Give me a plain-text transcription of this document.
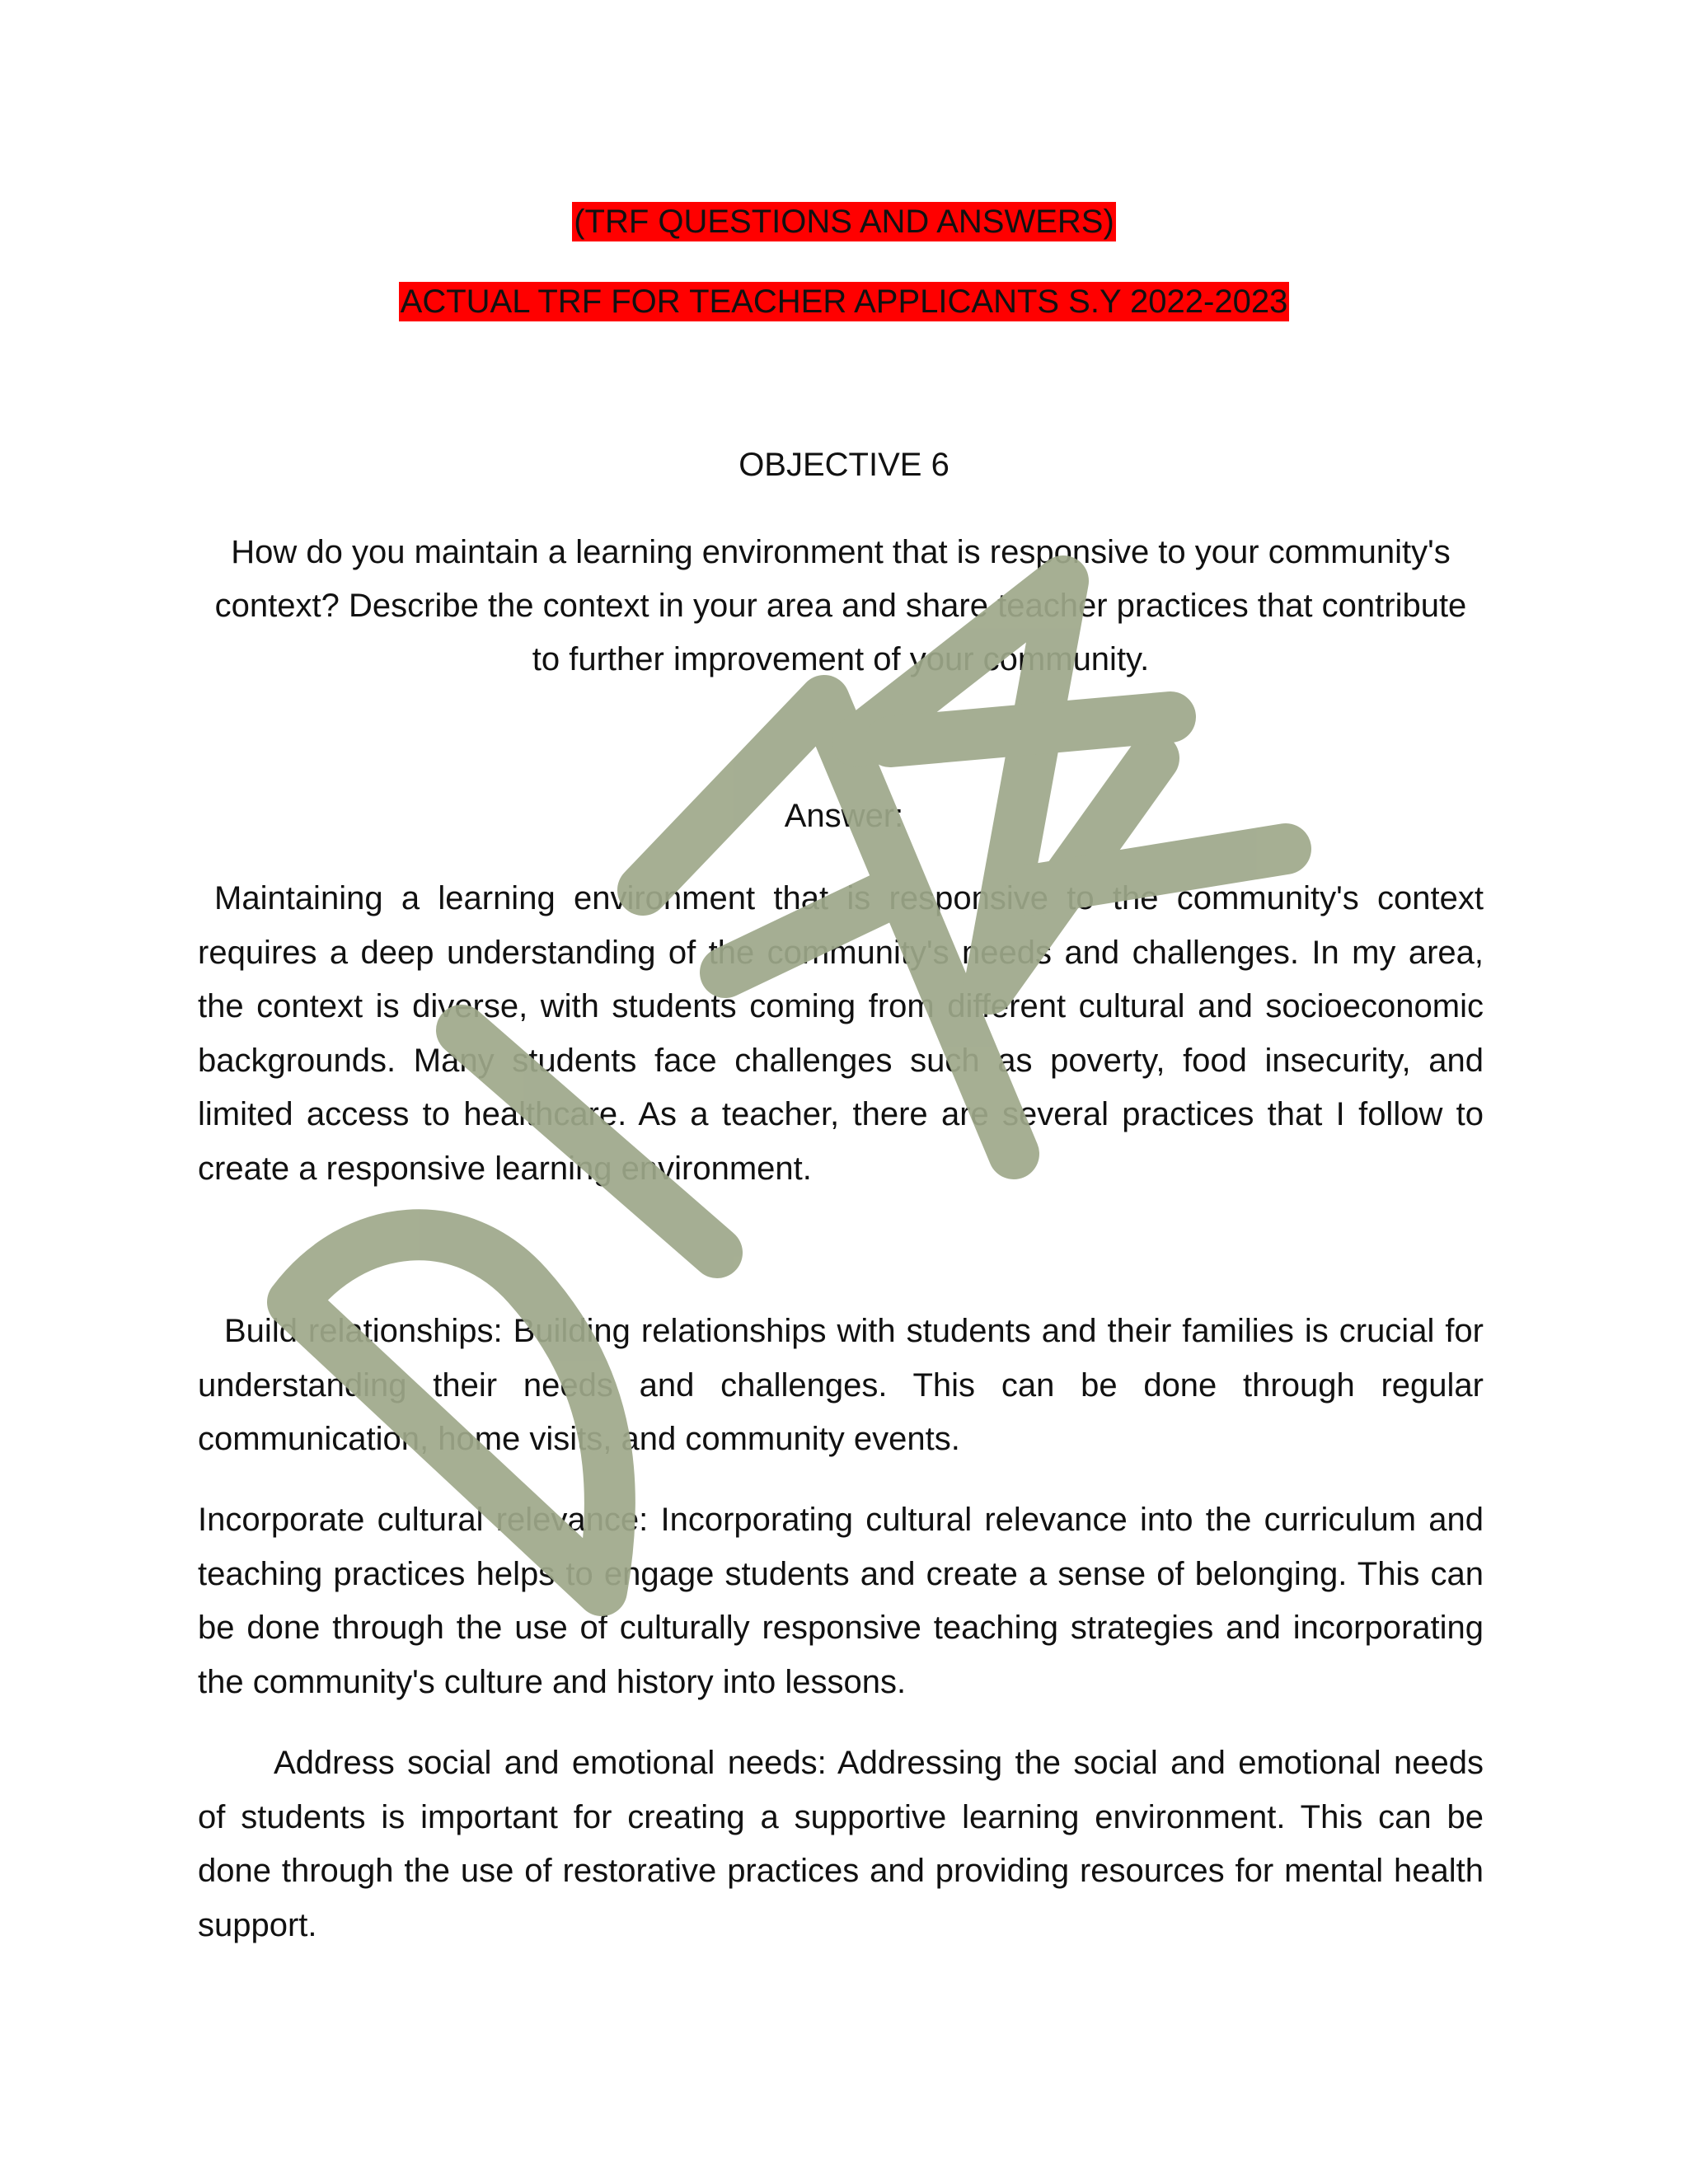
(TRF QUESTIONS AND ANSWERS)
ACTUAL TRF FOR TEACHER APPLICANTS S.Y 2022-2023
OBJECTIVE 6
How do you maintain a learning environment that is responsive to your community's context? Describe the context in your area and share teacher practices that contribute to further improvement of your community.
Answer:

Maintaining a learning environment that is responsive to the community's context requires a deep understanding of the community's needs and challenges. In my area, the context is diverse, with students coming from different cultural and socioeconomic backgrounds. Many students face challenges such as poverty, food insecurity, and limited access to healthcare. As a teacher, there are several practices that I follow to create a responsive learning environment.

Build relationships: Building relationships with students and their families is crucial for understanding their needs and challenges. This can be done through regular communication, home visits, and community events.

Incorporate cultural relevance: Incorporating cultural relevance into the curriculum and teaching practices helps to engage students and create a sense of belonging. This can be done through the use of culturally responsive teaching strategies and incorporating the community's culture and history into lessons.

Address social and emotional needs: Addressing the social and emotional needs of students is important for creating a supportive learning environment. This can be done through the use of restorative practices and providing resources for mental health support.
